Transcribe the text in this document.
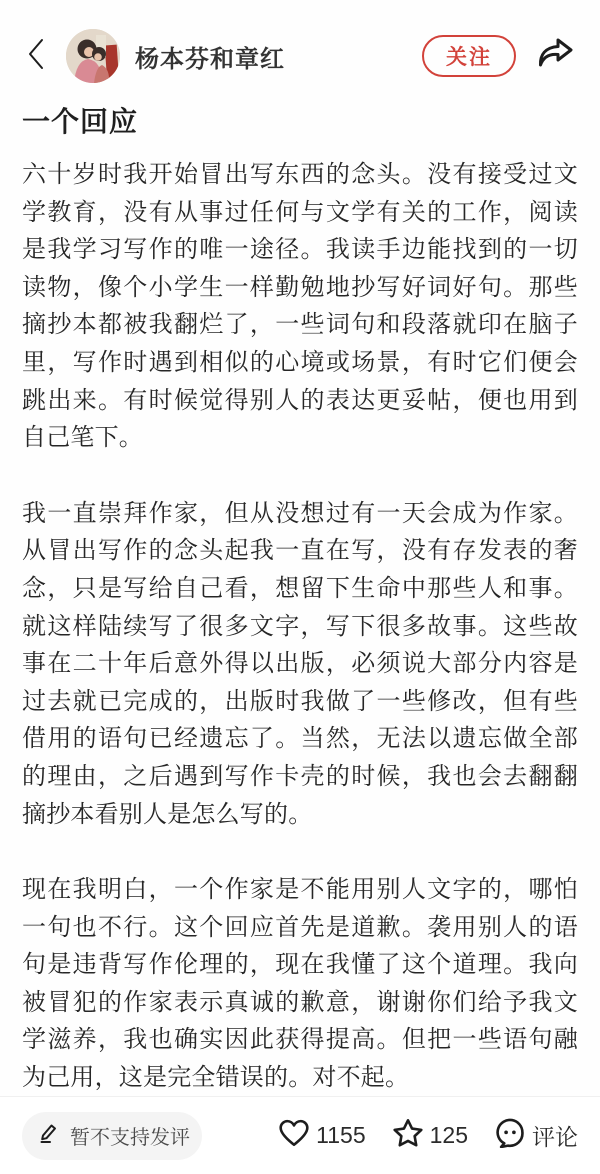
杨本芬和章红	关注
一个回应

六十岁时我开始冒出写东西的念头。没有接受过文学教育，没有从事过任何与文学有关的工作，阅读是我学习写作的唯一途径。我读手边能找到的一切读物，像个小学生一样勤勉地抄写好词好句。那些摘抄本都被我翻烂了，一些词句和段落就印在脑子里，写作时遇到相似的心境或场景，有时它们便会跳出来。有时候觉得别人的表达更妥帖，便也用到自己笔下。

我一直崇拜作家，但从没想过有一天会成为作家。从冒出写作的念头起我一直在写，没有存发表的奢念，只是写给自己看，想留下生命中那些人和事。就这样陆续写了很多文字，写下很多故事。这些故事在二十年后意外得以出版，必须说大部分内容是过去就已完成的，出版时我做了一些修改，但有些借用的语句已经遗忘了。当然，无法以遗忘做全部的理由，之后遇到写作卡壳的时候，我也会去翻翻摘抄本看别人是怎么写的。

现在我明白，一个作家是不能用别人文字的，哪怕一句也不行。这个回应首先是道歉。袭用别人的语句是违背写作伦理的，现在我懂了这个道理。我向被冒犯的作家表示真诚的歉意，谢谢你们给予我文学滋养，我也确实因此获得提高。但把一些语句融为己用，这是完全错误的。对不起。

暂不支持发评	1155	125	评论
